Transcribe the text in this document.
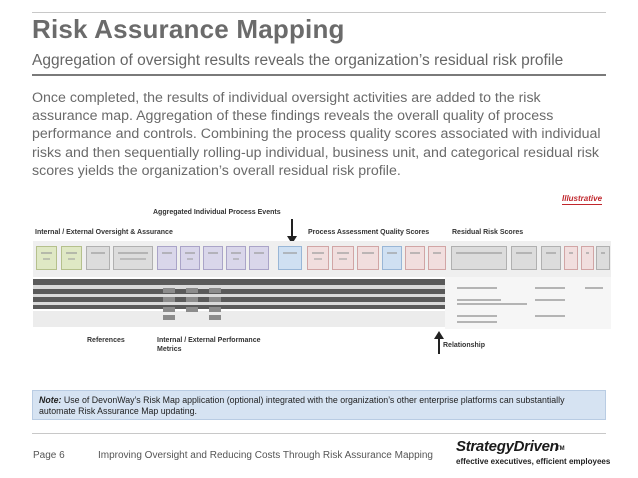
Risk Assurance Mapping
Aggregation of oversight results reveals the organization’s residual risk profile

Once completed, the results of individual oversight activities are added to the risk assurance map. Aggregation of these findings reveals the overall quality of process performance and controls. Combining the process quality scores associated with individual risks and then sequentially rolling-up individual, business unit, and categorical residual risk scores yields the organization’s overall residual risk profile.

Illustrative
Aggregated Individual Process Events
Internal / External Oversight & Assurance	Process Assessment Quality Scores	Residual Risk Scores
References	Internal / External Performance
Metrics
Relationship
Note: Use of DevonWay’s Risk Map application (optional) integrated with the organization’s other enterprise platforms can substantially automate Risk Assurance Map updating.
Page 6	Improving Oversight and Reducing Costs Through Risk Assurance Mapping
StrategyDriven
TM
effective executives, efficient employees
